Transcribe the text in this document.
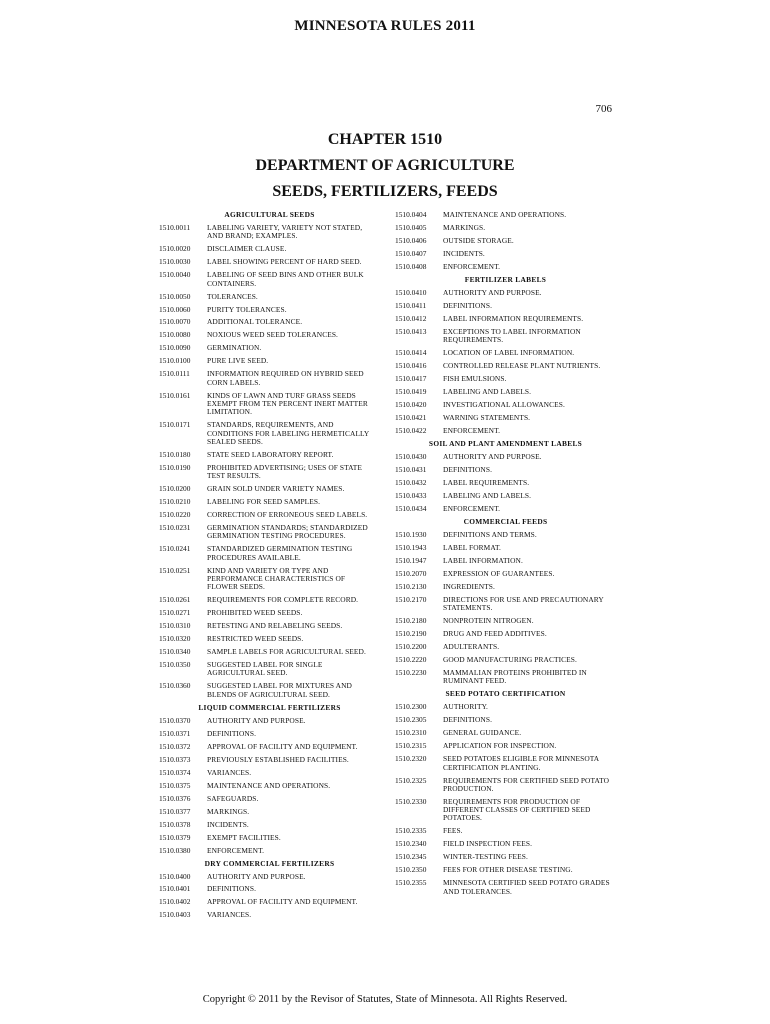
MINNESOTA RULES 2011
706
CHAPTER 1510
DEPARTMENT OF AGRICULTURE
SEEDS, FERTILIZERS, FEEDS
AGRICULTURAL SEEDS
1510.0011	LABELING VARIETY, VARIETY NOT STATED, AND BRAND; EXAMPLES.
1510.0020	DISCLAIMER CLAUSE.
1510.0030	LABEL SHOWING PERCENT OF HARD SEED.
1510.0040	LABELING OF SEED BINS AND OTHER BULK CONTAINERS.
1510.0050	TOLERANCES.
1510.0060	PURITY TOLERANCES.
1510.0070	ADDITIONAL TOLERANCE.
1510.0080	NOXIOUS WEED SEED TOLERANCES.
1510.0090	GERMINATION.
1510.0100	PURE LIVE SEED.
1510.0111	INFORMATION REQUIRED ON HYBRID SEED CORN LABELS.
1510.0161	KINDS OF LAWN AND TURF GRASS SEEDS EXEMPT FROM TEN PERCENT INERT MATTER LIMITATION.
1510.0171	STANDARDS, REQUIREMENTS, AND CONDITIONS FOR LABELING HERMETICALLY SEALED SEEDS.
1510.0180	STATE SEED LABORATORY REPORT.
1510.0190	PROHIBITED ADVERTISING; USES OF STATE TEST RESULTS.
1510.0200	GRAIN SOLD UNDER VARIETY NAMES.
1510.0210	LABELING FOR SEED SAMPLES.
1510.0220	CORRECTION OF ERRONEOUS SEED LABELS.
1510.0231	GERMINATION STANDARDS; STANDARDIZED GERMINATION TESTING PROCEDURES.
1510.0241	STANDARDIZED GERMINATION TESTING PROCEDURES AVAILABLE.
1510.0251	KIND AND VARIETY OR TYPE AND PERFORMANCE CHARACTERISTICS OF FLOWER SEEDS.
1510.0261	REQUIREMENTS FOR COMPLETE RECORD.
1510.0271	PROHIBITED WEED SEEDS.
1510.0310	RETESTING AND RELABELING SEEDS.
1510.0320	RESTRICTED WEED SEEDS.
1510.0340	SAMPLE LABELS FOR AGRICULTURAL SEED.
1510.0350	SUGGESTED LABEL FOR SINGLE AGRICULTURAL SEED.
1510.0360	SUGGESTED LABEL FOR MIXTURES AND BLENDS OF AGRICULTURAL SEED.
LIQUID COMMERCIAL FERTILIZERS
1510.0370	AUTHORITY AND PURPOSE.
1510.0371	DEFINITIONS.
1510.0372	APPROVAL OF FACILITY AND EQUIPMENT.
1510.0373	PREVIOUSLY ESTABLISHED FACILITIES.
1510.0374	VARIANCES.
1510.0375	MAINTENANCE AND OPERATIONS.
1510.0376	SAFEGUARDS.
1510.0377	MARKINGS.
1510.0378	INCIDENTS.
1510.0379	EXEMPT FACILITIES.
1510.0380	ENFORCEMENT.
DRY COMMERCIAL FERTILIZERS
1510.0400	AUTHORITY AND PURPOSE.
1510.0401	DEFINITIONS.
1510.0402	APPROVAL OF FACILITY AND EQUIPMENT.
1510.0403	VARIANCES.
1510.0404	MAINTENANCE AND OPERATIONS.
1510.0405	MARKINGS.
1510.0406	OUTSIDE STORAGE.
1510.0407	INCIDENTS.
1510.0408	ENFORCEMENT.
FERTILIZER LABELS
1510.0410	AUTHORITY AND PURPOSE.
1510.0411	DEFINITIONS.
1510.0412	LABEL INFORMATION REQUIREMENTS.
1510.0413	EXCEPTIONS TO LABEL INFORMATION REQUIREMENTS.
1510.0414	LOCATION OF LABEL INFORMATION.
1510.0416	CONTROLLED RELEASE PLANT NUTRIENTS.
1510.0417	FISH EMULSIONS.
1510.0419	LABELING AND LABELS.
1510.0420	INVESTIGATIONAL ALLOWANCES.
1510.0421	WARNING STATEMENTS.
1510.0422	ENFORCEMENT.
SOIL AND PLANT AMENDMENT LABELS
1510.0430	AUTHORITY AND PURPOSE.
1510.0431	DEFINITIONS.
1510.0432	LABEL REQUIREMENTS.
1510.0433	LABELING AND LABELS.
1510.0434	ENFORCEMENT.
COMMERCIAL FEEDS
1510.1930	DEFINITIONS AND TERMS.
1510.1943	LABEL FORMAT.
1510.1947	LABEL INFORMATION.
1510.2070	EXPRESSION OF GUARANTEES.
1510.2130	INGREDIENTS.
1510.2170	DIRECTIONS FOR USE AND PRECAUTIONARY STATEMENTS.
1510.2180	NONPROTEIN NITROGEN.
1510.2190	DRUG AND FEED ADDITIVES.
1510.2200	ADULTERANTS.
1510.2220	GOOD MANUFACTURING PRACTICES.
1510.2230	MAMMALIAN PROTEINS PROHIBITED IN RUMINANT FEED.
SEED POTATO CERTIFICATION
1510.2300	AUTHORITY.
1510.2305	DEFINITIONS.
1510.2310	GENERAL GUIDANCE.
1510.2315	APPLICATION FOR INSPECTION.
1510.2320	SEED POTATOES ELIGIBLE FOR MINNESOTA CERTIFICATION PLANTING.
1510.2325	REQUIREMENTS FOR CERTIFIED SEED POTATO PRODUCTION.
1510.2330	REQUIREMENTS FOR PRODUCTION OF DIFFERENT CLASSES OF CERTIFIED SEED POTATOES.
1510.2335	FEES.
1510.2340	FIELD INSPECTION FEES.
1510.2345	WINTER-TESTING FEES.
1510.2350	FEES FOR OTHER DISEASE TESTING.
1510.2355	MINNESOTA CERTIFIED SEED POTATO GRADES AND TOLERANCES.
Copyright © 2011 by the Revisor of Statutes, State of Minnesota. All Rights Reserved.
